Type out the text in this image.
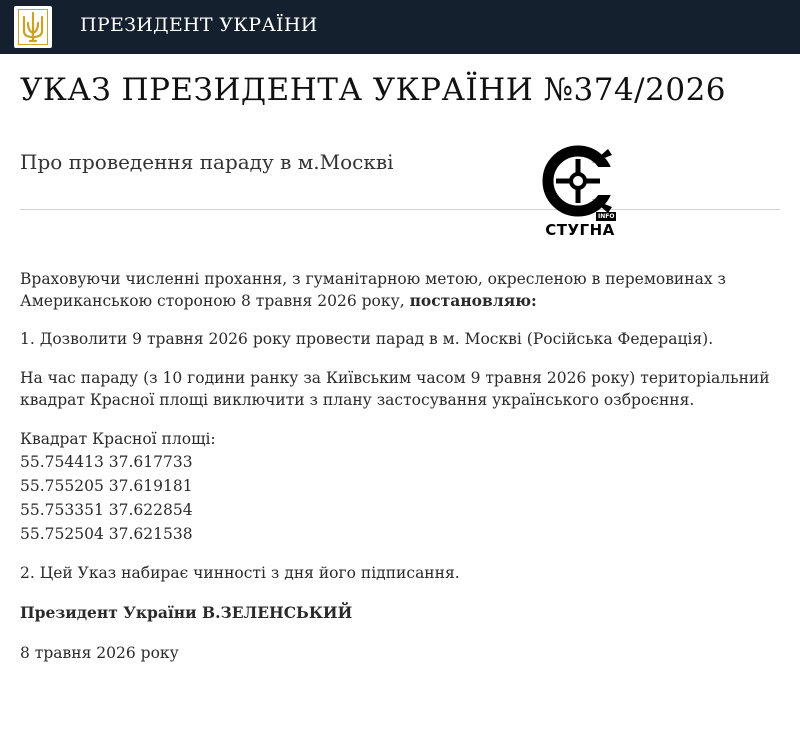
ПРЕЗИДЕНТ УКРАЇНИ
УКАЗ ПРЕЗИДЕНТА УКРАЇНИ №374/2026
Про проведення параду в м.Москві
INFO
СТУГНА

Враховуючи численні прохання, з гуманітарною метою, окресленою в перемовинах з Американською стороною 8 травня 2026 року, постановляю:

1. Дозволити 9 травня 2026 року провести парад в м. Москві (Російська Федерація).

На час параду (з 10 години ранку за Київським часом 9 травня 2026 року) територіальний квадрат Красної площі виключити з плану застосування українського озброєння.

Квадрат Красної площі:

55.754413 37.617733

55.755205 37.619181

55.753351 37.622854

55.752504 37.621538

2. Цей Указ набирає чинності з дня його підписання.

Президент України В.ЗЕЛЕНСЬКИЙ

8 травня 2026 року
